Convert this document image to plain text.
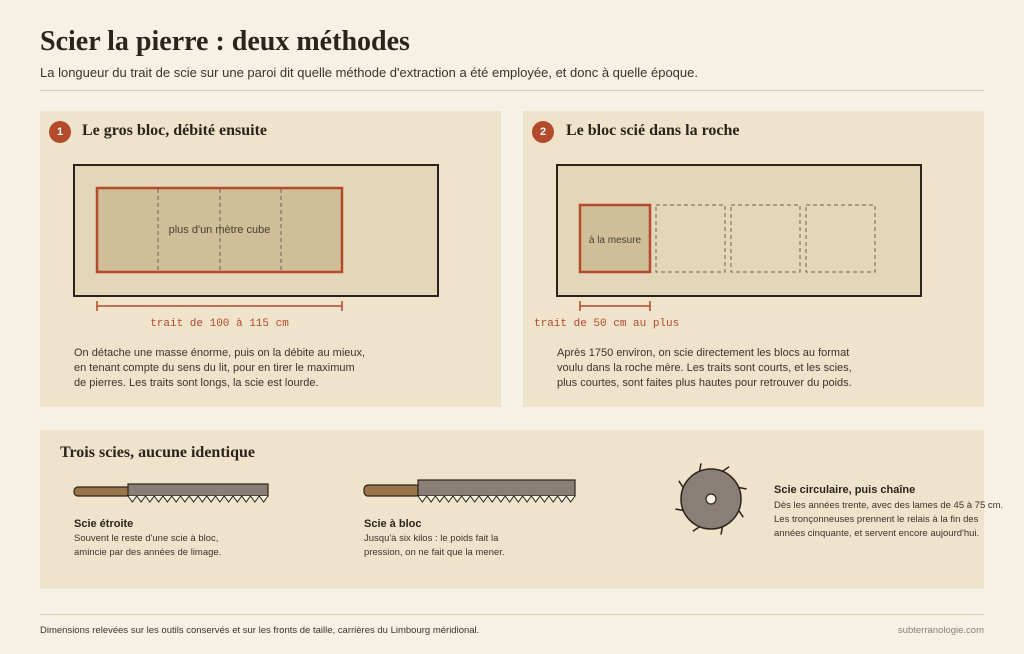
Scier la pierre : deux méthodes
La longueur du trait de scie sur une paroi dit quelle méthode d'extraction a été employée, et donc à quelle époque.
1	Le gros bloc, débité ensuite
plus d'un mètre cube
trait de 100 à 115 cm
On détache une masse énorme, puis on la débite au mieux,
en tenant compte du sens du lit, pour en tirer le maximum
de pierres. Les traits sont longs, la scie est lourde.
2	Le bloc scié dans la roche
à la mesure
trait de 50 cm au plus
Après 1750 environ, on scie directement les blocs au format
voulu dans la roche mère. Les traits sont courts, et les scies,
plus courtes, sont faites plus hautes pour retrouver du poids.
Trois scies, aucune identique
Scie étroite
Souvent le reste d'une scie à bloc,
amincie par des années de limage.
Scie à bloc
Jusqu'à six kilos : le poids fait la
pression, on ne fait que la mener.
Scie circulaire, puis chaîne
Dès les années trente, avec des lames de 45 à 75 cm.
Les tronçonneuses prennent le relais à la fin des
années cinquante, et servent encore aujourd'hui.
Dimensions relevées sur les outils conservés et sur les fronts de taille, carrières du Limbourg méridional.	subterranologie.com
